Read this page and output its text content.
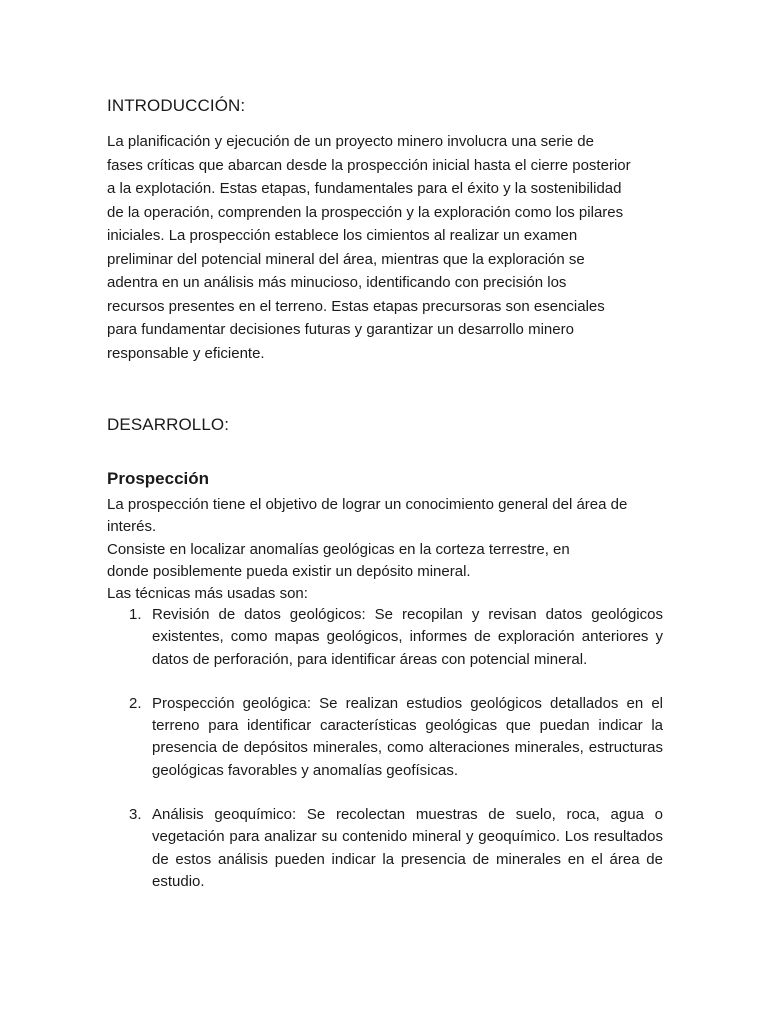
INTRODUCCIÓN:

La planificación y ejecución de un proyecto minero involucra una serie de
fases críticas que abarcan desde la prospección inicial hasta el cierre posterior
a la explotación. Estas etapas, fundamentales para el éxito y la sostenibilidad
de la operación, comprenden la prospección y la exploración como los pilares
iniciales. La prospección establece los cimientos al realizar un examen
preliminar del potencial mineral del área, mientras que la exploración se
adentra en un análisis más minucioso, identificando con precisión los
recursos presentes en el terreno. Estas etapas precursoras son esenciales
para fundamentar decisiones futuras y garantizar un desarrollo minero
responsable y eficiente.

DESARROLLO:
Prospección

La prospección tiene el objetivo de lograr un conocimiento general del área de
interés.
Consiste en localizar anomalías geológicas en la corteza terrestre, en
donde posiblemente pueda existir un depósito mineral.
Las técnicas más usadas son:

1. Revisión de datos geológicos: Se recopilan y revisan datos geológicos existentes, como mapas geológicos, informes de exploración anteriores y datos de perforación, para identificar áreas con potencial mineral.
2. Prospección geológica: Se realizan estudios geológicos detallados en el terreno para identificar características geológicas que puedan indicar la presencia de depósitos minerales, como alteraciones minerales, estructuras geológicas favorables y anomalías geofísicas.
3. Análisis geoquímico: Se recolectan muestras de suelo, roca, agua o vegetación para analizar su contenido mineral y geoquímico. Los resultados de estos análisis pueden indicar la presencia de minerales en el área de estudio.
